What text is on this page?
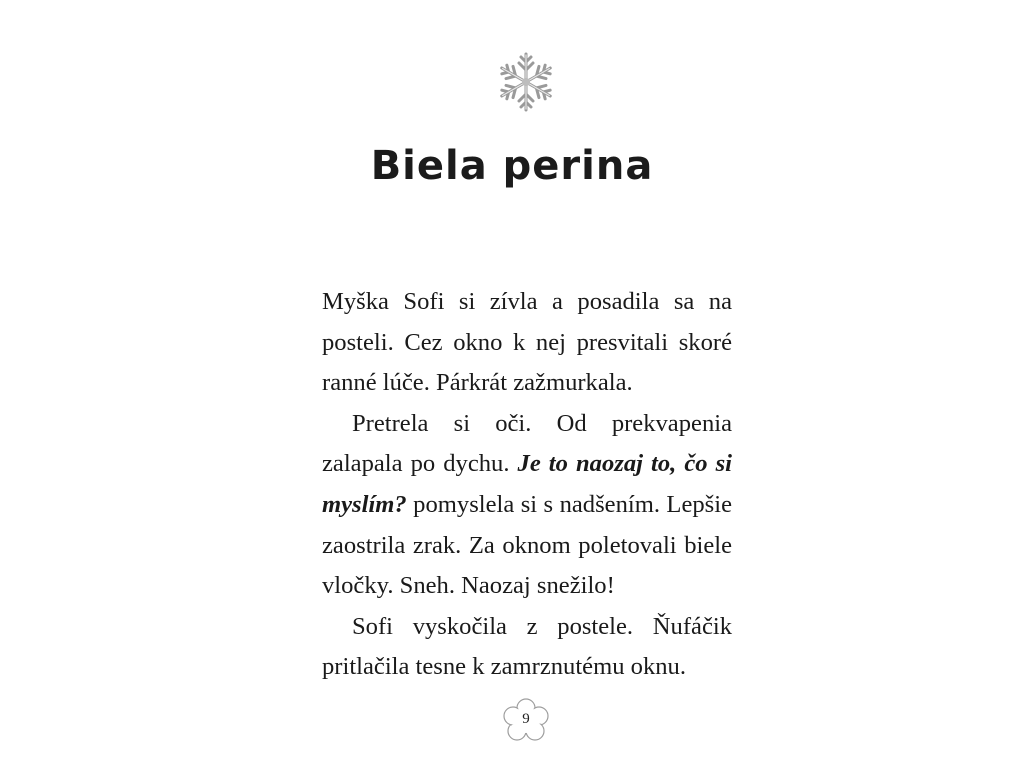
Biela perina

Myška Sofi si zívla a posadila sa na posteli. Cez okno k nej presvitali skoré ranné lúče. Párkrát zažmurkala.

Pretrela si oči. Od prekvapenia zalapala po dychu. Je to naozaj to, čo si myslím? pomyslela si s nadšením. Lepšie zaostrila zrak. Za oknom poletovali biele vločky. Sneh. Naozaj snežilo!

Sofi vyskočila z postele. Ňufáčik pritlačila tesne k zamrznutému oknu.

9
